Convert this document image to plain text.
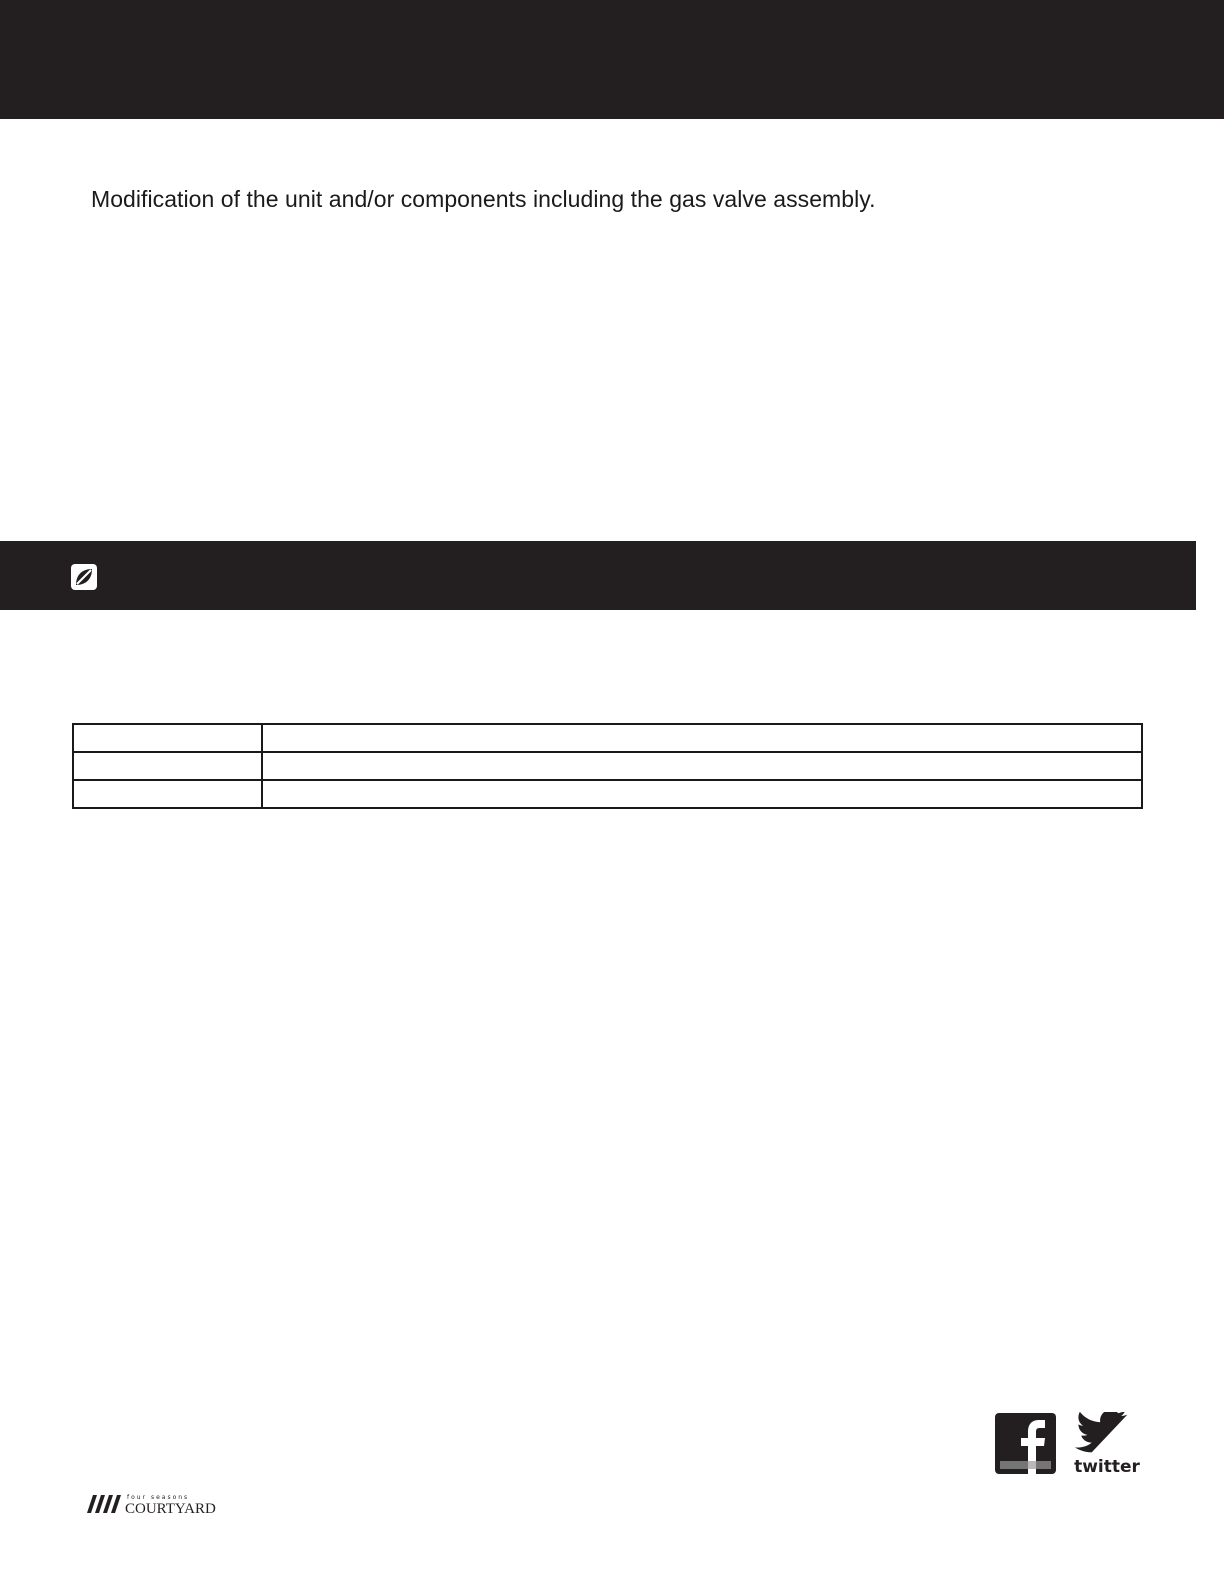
Modification of the unit and/or components including the gas valve assembly.

twitter
four seasons
COURTYARD
